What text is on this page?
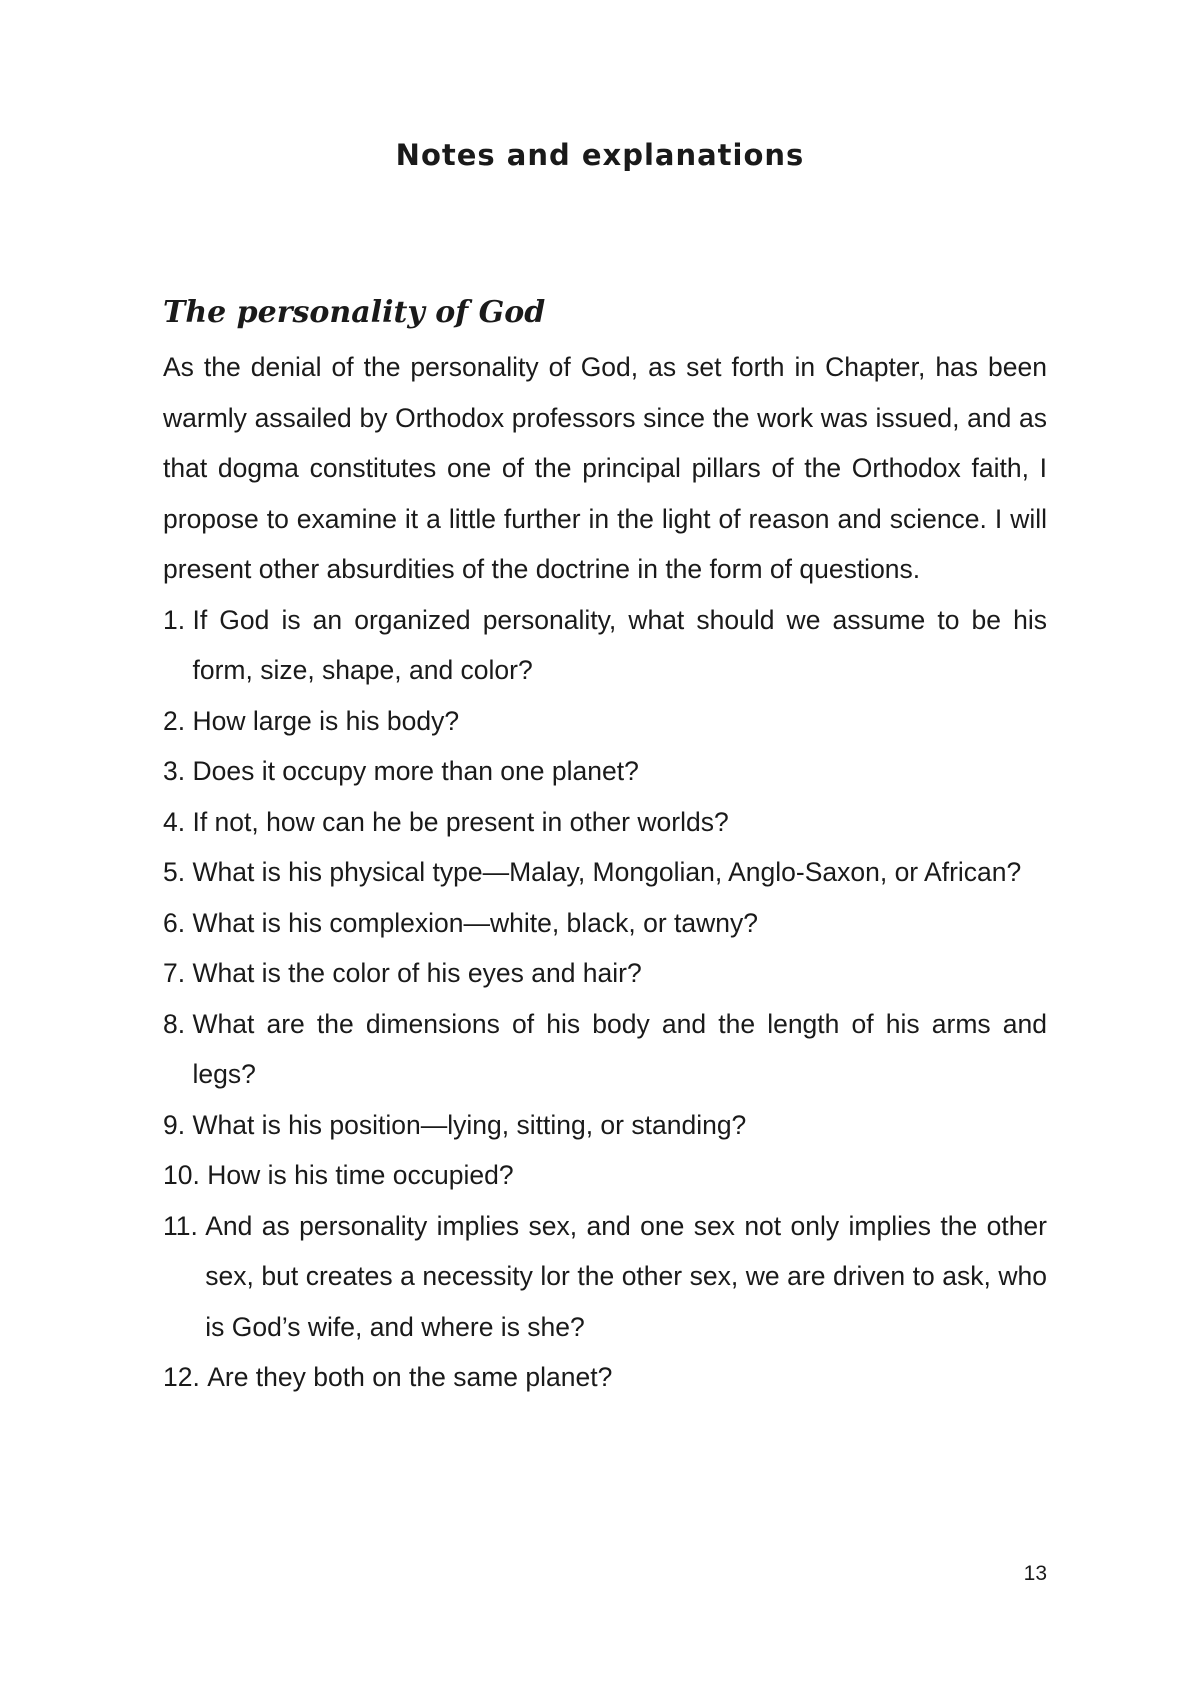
Notes and explanations
The personality of God

As the denial of the personality of God, as set forth in Chapter, has been warmly assailed by Orthodox professors since the work was issued, and as that dogma constitutes one of the principal pillars of the Orthodox faith, I propose to examine it a little further in the light of reason and science. I will present other absurdities of the doctrine in the form of questions.

1. If God is an organized personality, what should we assume to be his form, size, shape, and color?
2. How large is his body?
3. Does it occupy more than one planet?
4. If not, how can he be present in other worlds?
5. What is his physical type—Malay, Mongolian, Anglo-Saxon, or African?
6. What is his complexion—white, black, or tawny?
7. What is the color of his eyes and hair?
8. What are the dimensions of his body and the length of his arms and legs?
9. What is his position—lying, sitting, or standing?
10. How is his time occupied?
11. And as personality implies sex, and one sex not only implies the other sex, but creates a necessity lor the other sex, we are driven to ask, who is God’s wife, and where is she?
12. Are they both on the same planet?
13
